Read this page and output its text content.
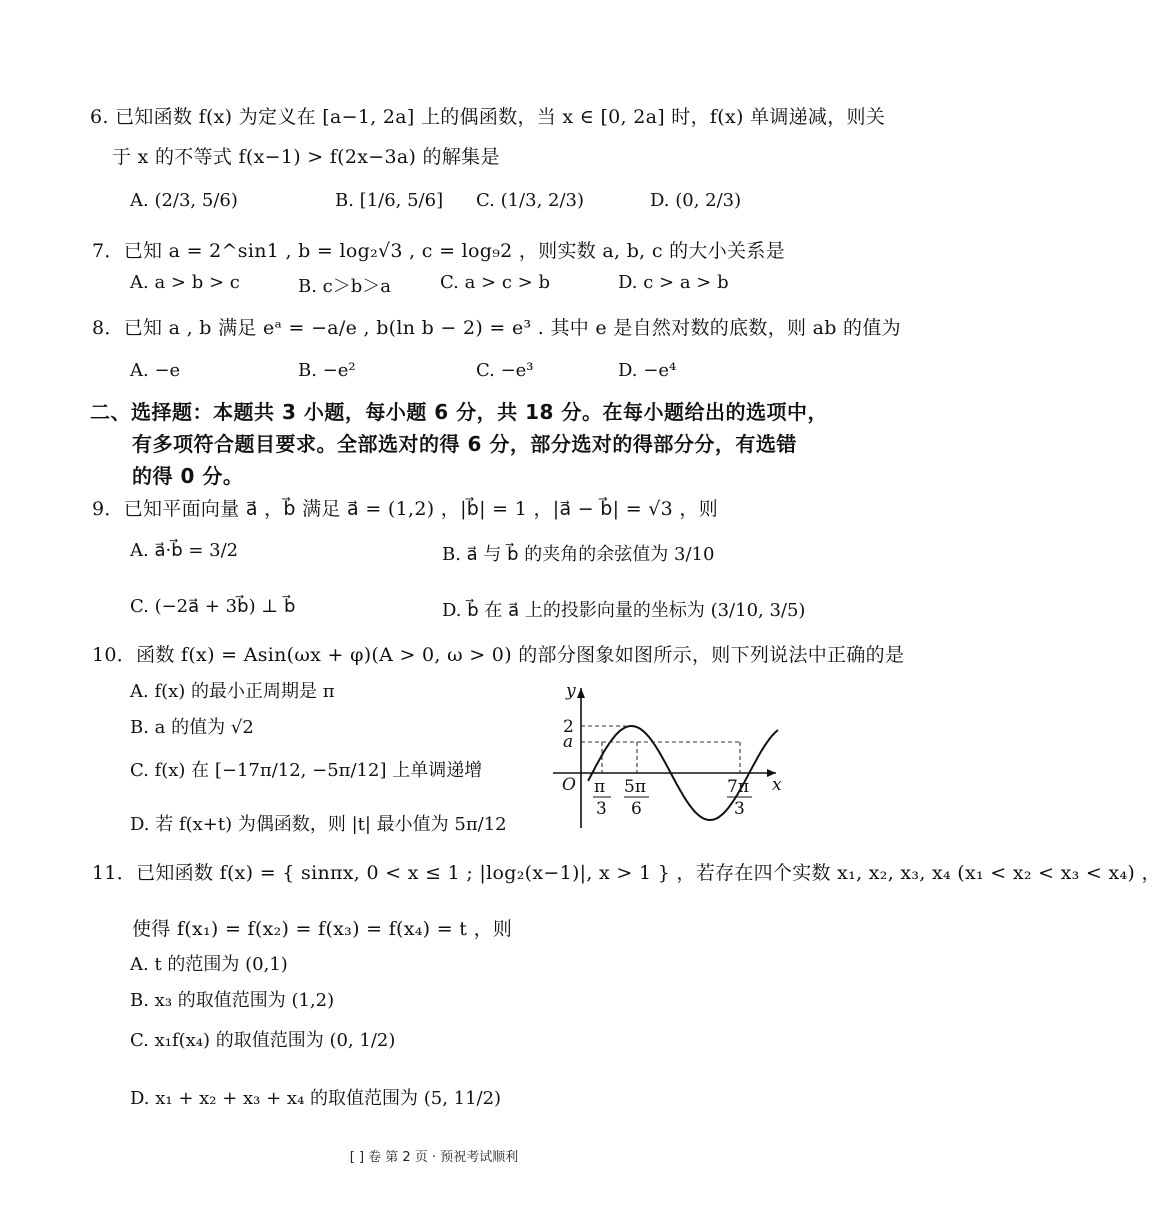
6. 已知函数 f(x) 为定义在 [a−1, 2a] 上的偶函数，当 x ∈ [0, 2a] 时，f(x) 单调递减，则关
于 x 的不等式 f(x−1) > f(2x−3a) 的解集是
A. (2/3, 5/6)	B. [1/6, 5/6] C. (1/3, 2/3)	D. (0, 2/3)
7．已知 a = 2^sin1 , b = log₂√3 , c = log₉2 ，则实数 a, b, c 的大小关系是
A. a > b > c	B. c＞b＞a	C. a > c > b	D. c > a > b
8．已知 a , b 满足 eᵃ = −a/e , b(ln b − 2) = e³ . 其中 e 是自然对数的底数，则 ab 的值为
A. −e	B. −e²	C. −e³	D. −e⁴
二、选择题：本题共 3 小题，每小题 6 分，共 18 分。在每小题给出的选项中，
有多项符合题目要求。全部选对的得 6 分，部分选对的得部分分，有选错
的得 0 分。
9．已知平面向量 a⃗ ，b⃗ 满足 a⃗ = (1,2) ，|b⃗| = 1 ，|a⃗ − b⃗| = √3 ，则
A. a⃗·b⃗ = 3/2	B. a⃗ 与 b⃗ 的夹角的余弦值为 3/10
C. (−2a⃗ + 3b⃗) ⊥ b⃗	D. b⃗ 在 a⃗ 上的投影向量的坐标为 (3/10, 3/5)
10．函数 f(x) = Asin(ωx + φ)(A > 0, ω > 0) 的部分图象如图所示，则下列说法中正确的是
A. f(x) 的最小正周期是 π
B. a 的值为 √2
C. f(x) 在 [−17π/12, −5π/12] 上单调递增
D. 若 f(x+t) 为偶函数，则 |t| 最小值为 5π/12
y
x
O
2
a
π
3
5π
6
7π
3
11．已知函数 f(x) = { sinπx, 0 < x ≤ 1 ; |log₂(x−1)|, x > 1 } ，若存在四个实数 x₁, x₂, x₃, x₄ (x₁ < x₂ < x₃ < x₄) ，
使得 f(x₁) = f(x₂) = f(x₃) = f(x₄) = t ，则
A. t 的范围为 (0,1)
B. x₃ 的取值范围为 (1,2)
C. x₁f(x₄) 的取值范围为 (0, 1/2)
D. x₁ + x₂ + x₃ + x₄ 的取值范围为 (5, 11/2)
[ ] 卷 第 2 页 · 预祝考试顺利
